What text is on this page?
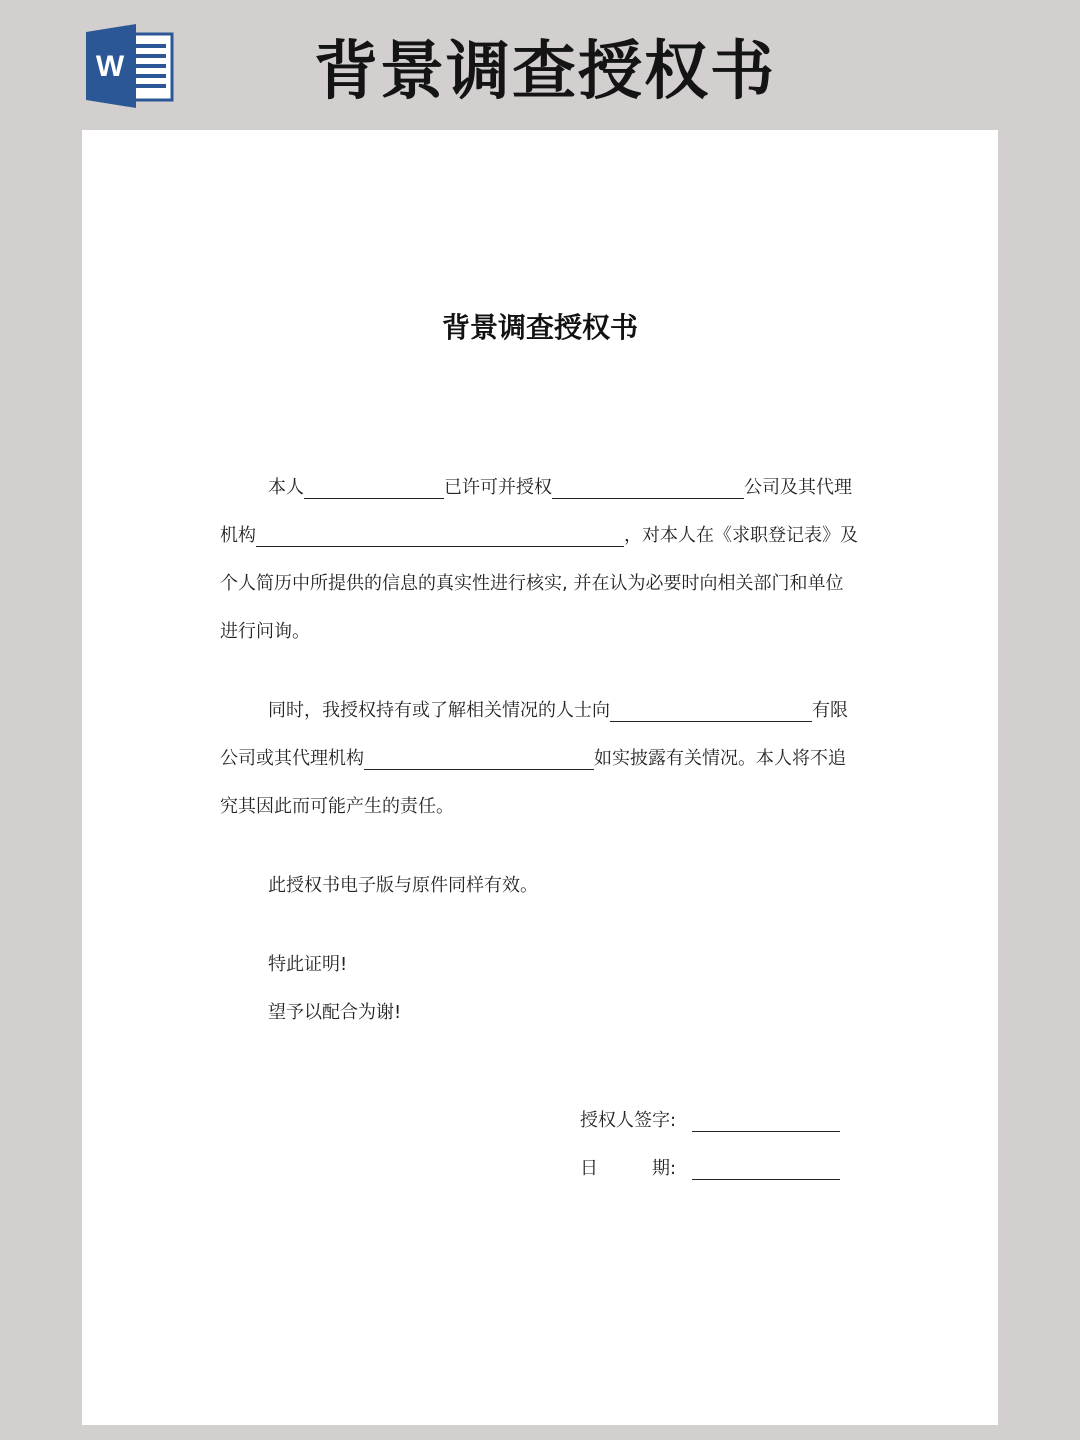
W	背景调查授权书
背景调查授权书
本人	已许可并授权	公司及其代理
机构	，对本人在《求职登记表》及
个人简历中所提供的信息的真实性进行核实, 并在认为必要时向相关部门和单位
进行问询。
同时，我授权持有或了解相关情况的人士向	有限
公司或其代理机构	如实披露有关情况。本人将不追
究其因此而可能产生的责任。
此授权书电子版与原件同样有效。
特此证明!
望予以配合为谢!
授权人签字:
日	期:
